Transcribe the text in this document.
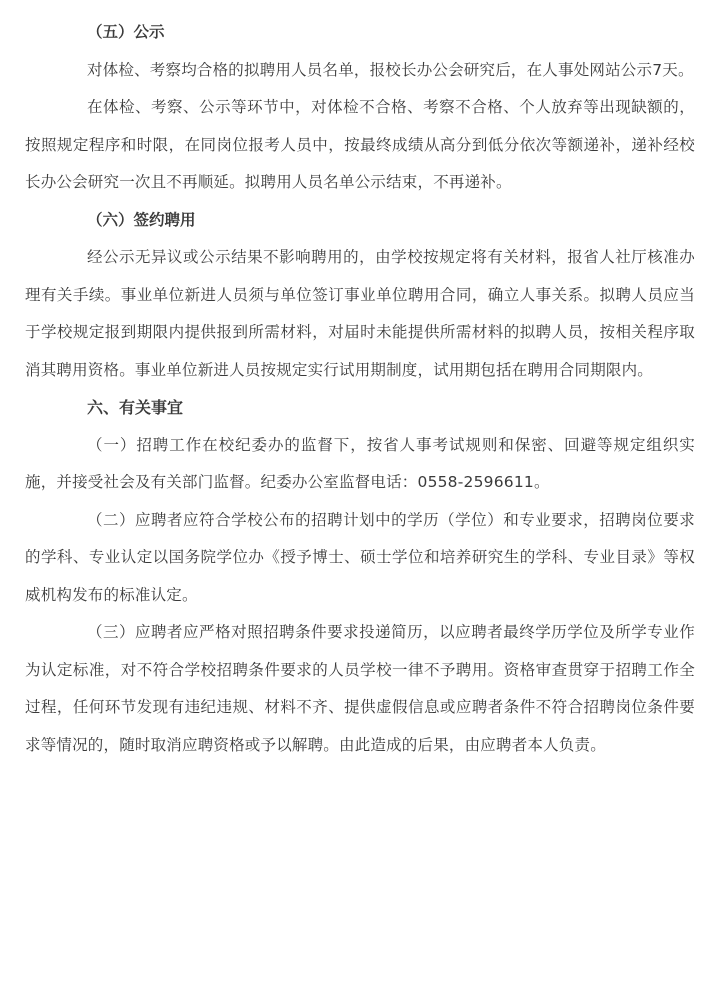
（五）公示

对体检、考察均合格的拟聘用人员名单，报校长办公会研究后，在人事处网站公示7天。

在体检、考察、公示等环节中，对体检不合格、考察不合格、个人放弃等出现缺额的，按照规定程序和时限，在同岗位报考人员中，按最终成绩从高分到低分依次等额递补，递补经校长办公会研究一次且不再顺延。拟聘用人员名单公示结束，不再递补。

（六）签约聘用

经公示无异议或公示结果不影响聘用的，由学校按规定将有关材料，报省人社厅核准办理有关手续。事业单位新进人员须与单位签订事业单位聘用合同，确立人事关系。拟聘人员应当于学校规定报到期限内提供报到所需材料，对届时未能提供所需材料的拟聘人员，按相关程序取消其聘用资格。事业单位新进人员按规定实行试用期制度，试用期包括在聘用合同期限内。

六、有关事宜

（一）招聘工作在校纪委办的监督下，按省人事考试规则和保密、回避等规定组织实施，并接受社会及有关部门监督。纪委办公室监督电话：0558-2596611。

（二）应聘者应符合学校公布的招聘计划中的学历（学位）和专业要求，招聘岗位要求的学科、专业认定以国务院学位办《授予博士、硕士学位和培养研究生的学科、专业目录》等权威机构发布的标准认定。

（三）应聘者应严格对照招聘条件要求投递简历，以应聘者最终学历学位及所学专业作为认定标准，对不符合学校招聘条件要求的人员学校一律不予聘用。资格审查贯穿于招聘工作全过程，任何环节发现有违纪违规、材料不齐、提供虚假信息或应聘者条件不符合招聘岗位条件要求等情况的，随时取消应聘资格或予以解聘。由此造成的后果，由应聘者本人负责。
